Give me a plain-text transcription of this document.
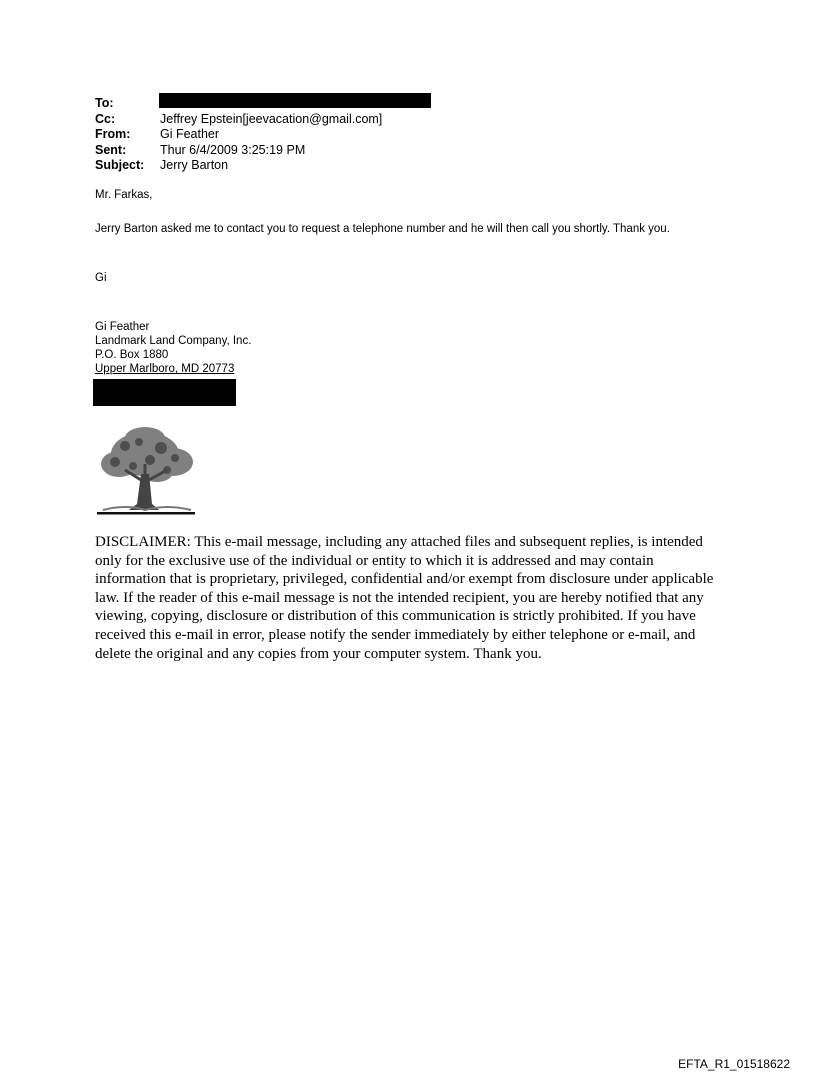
To:
Cc:	Jeffrey Epstein[jeevacation@gmail.com]
From:	Gi Feather
Sent:	Thur 6/4/2009 3:25:19 PM
Subject:	Jerry Barton
Mr. Farkas,
Jerry Barton asked me to contact you to request a telephone number and he will then call you shortly. Thank you.
Gi
Gi Feather
Landmark Land Company, Inc.
P.O. Box 1880
Upper Marlboro, MD 20773
DISCLAIMER: This e-mail message, including any attached files and subsequent replies, is intended only for the exclusive use of the individual or entity to which it is addressed and may contain information that is proprietary, privileged, confidential and/or exempt from disclosure under applicable law. If the reader of this e-mail message is not the intended recipient, you are hereby notified that any viewing, copying, disclosure or distribution of this communication is strictly prohibited. If you have received this e-mail in error, please notify the sender immediately by either telephone or e-mail, and delete the original and any copies from your computer system. Thank you.
EFTA_R1_01518622
